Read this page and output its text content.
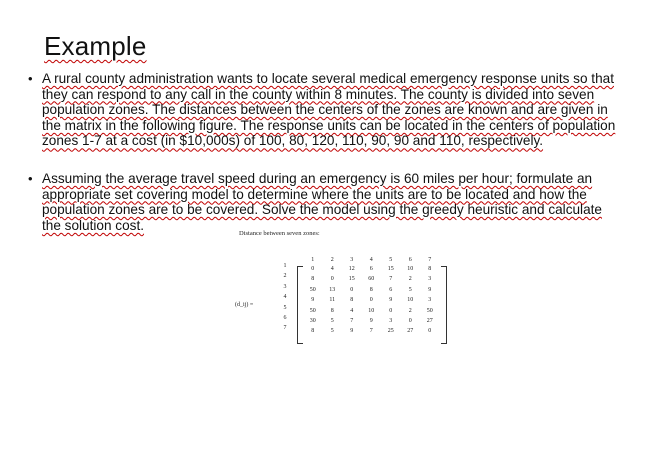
Example
• A rural county administration wants to locate several medical emergency response units so that they can respond to any call in the county within 8 minutes. The county is divided into seven population zones. The distances between the centers of the zones are known and are given in the matrix in the following figure. The response units can be located in the centers of population zones 1-7 at a cost (in $10,000s) of 100, 80, 120, 110, 90, 90 and 110, respectively.
• Assuming the average travel speed during an emergency is 60 miles per hour; formulate an appropriate set covering model to determine where the units are to be located and how the population zones are to be covered. Solve the model using the greedy heuristic and calculate the solution cost.
Distance between seven zones:
(d_ij) =
1	2	3	4	5	6	7
1
2
3
4
5
6
7
0	4	12	6	15	10	8
8	0	15	60	7	2	3
50	13	0	8	6	5	9
9	11	8	0	9	10	3
50	8	4	10	0	2	50
30	5	7	9	3	0	27
8	5	9	7	25	27	0
